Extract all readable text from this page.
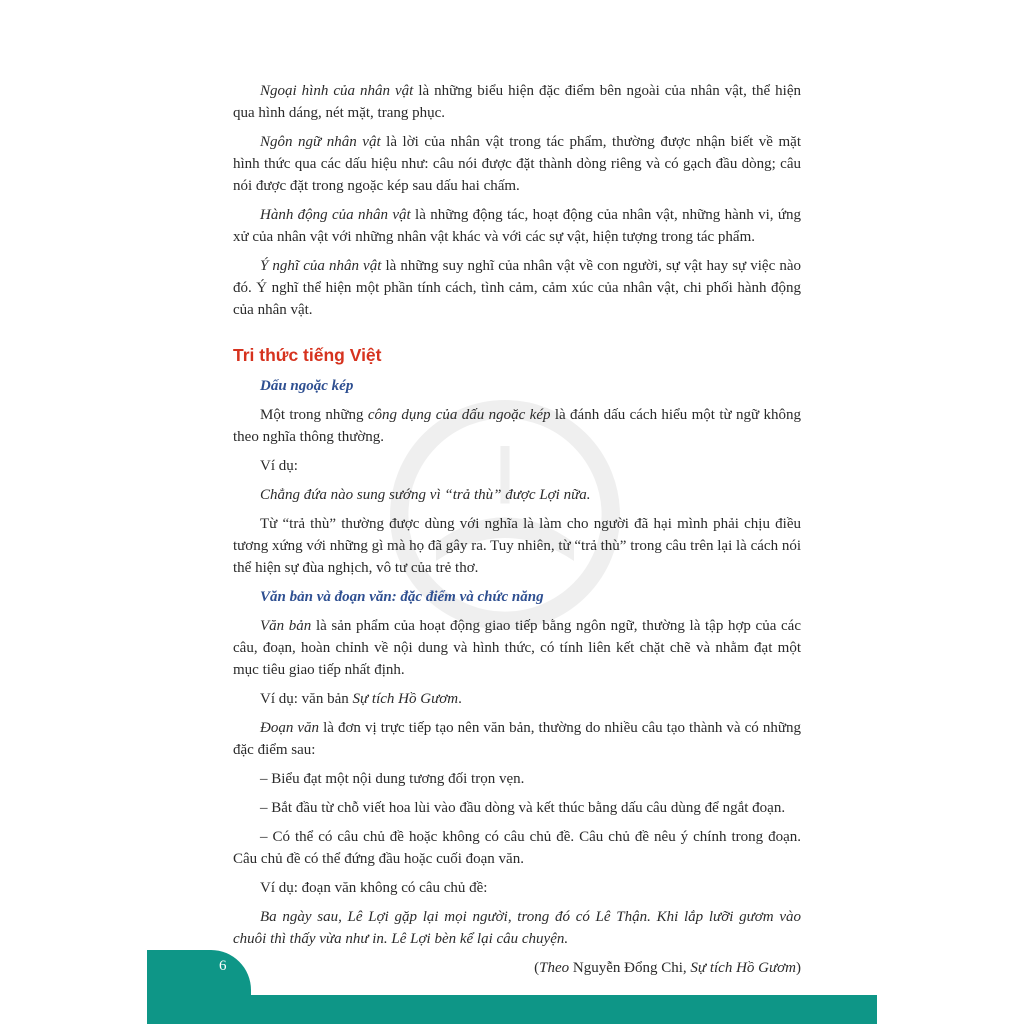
Ngoại hình của nhân vật là những biểu hiện đặc điểm bên ngoài của nhân vật, thể hiện qua hình dáng, nét mặt, trang phục.

Ngôn ngữ nhân vật là lời của nhân vật trong tác phẩm, thường được nhận biết về mặt hình thức qua các dấu hiệu như: câu nói được đặt thành dòng riêng và có gạch đầu dòng; câu nói được đặt trong ngoặc kép sau dấu hai chấm.

Hành động của nhân vật là những động tác, hoạt động của nhân vật, những hành vi, ứng xử của nhân vật với những nhân vật khác và với các sự vật, hiện tượng trong tác phẩm.

Ý nghĩ của nhân vật là những suy nghĩ của nhân vật về con người, sự vật hay sự việc nào đó. Ý nghĩ thể hiện một phần tính cách, tình cảm, cảm xúc của nhân vật, chi phối hành động của nhân vật.

Tri thức tiếng Việt

Dấu ngoặc kép

Một trong những công dụng của dấu ngoặc kép là đánh dấu cách hiểu một từ ngữ không theo nghĩa thông thường.

Ví dụ:

Chẳng đứa nào sung sướng vì “trả thù” được Lợi nữa.

Từ “trả thù” thường được dùng với nghĩa là làm cho người đã hại mình phải chịu điều tương xứng với những gì mà họ đã gây ra. Tuy nhiên, từ “trả thù” trong câu trên lại là cách nói thể hiện sự đùa nghịch, vô tư của trẻ thơ.

Văn bản và đoạn văn: đặc điểm và chức năng

Văn bản là sản phẩm của hoạt động giao tiếp bằng ngôn ngữ, thường là tập hợp của các câu, đoạn, hoàn chỉnh về nội dung và hình thức, có tính liên kết chặt chẽ và nhằm đạt một mục tiêu giao tiếp nhất định.

Ví dụ: văn bản Sự tích Hồ Gươm.

Đoạn văn là đơn vị trực tiếp tạo nên văn bản, thường do nhiều câu tạo thành và có những đặc điểm sau:

– Biểu đạt một nội dung tương đối trọn vẹn.

– Bắt đầu từ chỗ viết hoa lùi vào đầu dòng và kết thúc bằng dấu câu dùng để ngắt đoạn.

– Có thể có câu chủ đề hoặc không có câu chủ đề. Câu chủ đề nêu ý chính trong đoạn. Câu chủ đề có thể đứng đầu hoặc cuối đoạn văn.

Ví dụ: đoạn văn không có câu chủ đề:

Ba ngày sau, Lê Lợi gặp lại mọi người, trong đó có Lê Thận. Khi lắp lưỡi gươm vào chuôi thì thấy vừa như in. Lê Lợi bèn kể lại câu chuyện.

(Theo Nguyễn Đổng Chi, Sự tích Hồ Gươm)

6
